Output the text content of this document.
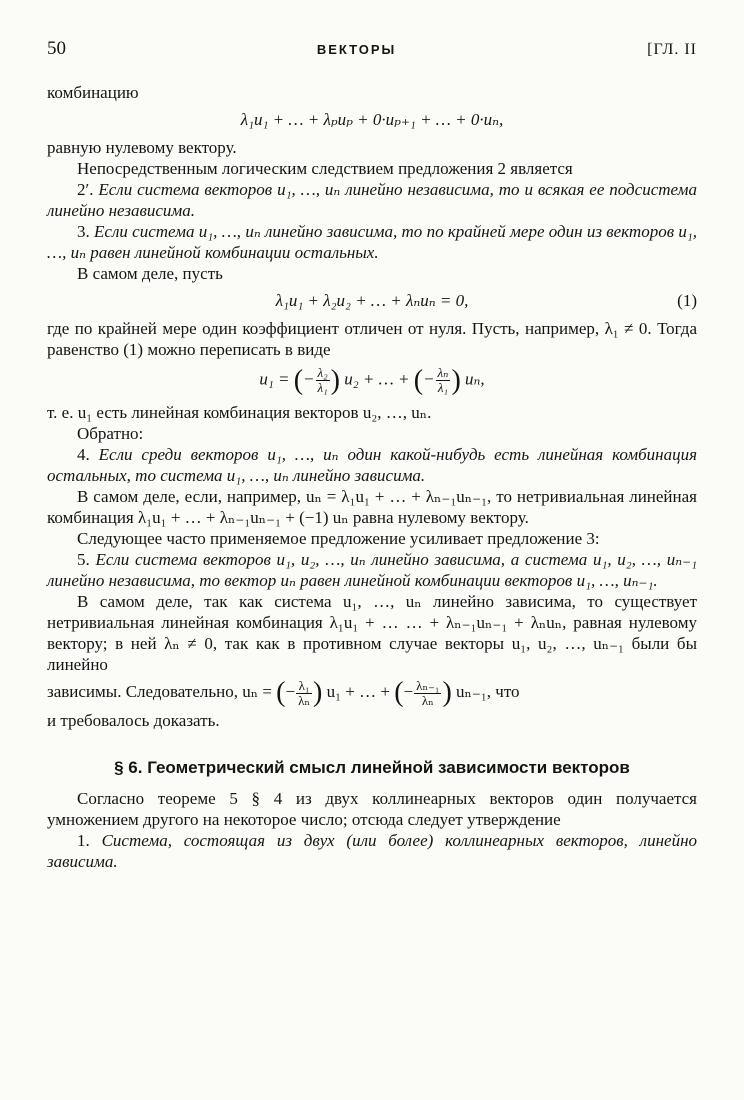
50	ВЕКТОРЫ	[ГЛ. II

комбинацию

λ₁u₁ + … + λₚuₚ + 0·uₚ₊₁ + … + 0·uₙ,

равную нулевому вектору.

Непосредственным логическим следствием предложения 2 является

2′. Если система векторов u₁, …, uₙ линейно независима, то и всякая ее подсистема линейно независима.

3. Если система u₁, …, uₙ линейно зависима, то по крайней мере один из векторов u₁, …, uₙ равен линейной комбинации остальных.

В самом деле, пусть

λ₁u₁ + λ₂u₂ + … + λₙuₙ = 0,	(1)

где по крайней мере один коэффициент отличен от нуля. Пусть, например, λ₁ ≠ 0. Тогда равенство (1) можно переписать в виде

u₁ = (− $\frac{\text{λ₂}}{\text{λ₁}}$ ) u₂ + … + (− $\frac{\text{λₙ}}{\text{λ₁}}$ ) uₙ,

т. е. u₁ есть линейная комбинация векторов u₂, …, uₙ.

Обратно:

4. Если среди векторов u₁, …, uₙ один какой-нибудь есть линейная комбинация остальных, то система u₁, …, uₙ линейно зависима.

В самом деле, если, например, uₙ = λ₁u₁ + … + λₙ₋₁uₙ₋₁, то нетривиальная линейная комбинация λ₁u₁ + … + λₙ₋₁uₙ₋₁ + (−1) uₙ равна нулевому вектору.

Следующее часто применяемое предложение усиливает предложение 3:

5. Если система векторов u₁, u₂, …, uₙ линейно зависима, а система u₁, u₂, …, uₙ₋₁ линейно независима, то вектор uₙ равен линейной комбинации векторов u₁, …, uₙ₋₁.

В самом деле, так как система u₁, …, uₙ линейно зависима, то существует нетривиальная линейная комбинация λ₁u₁ + … … + λₙ₋₁uₙ₋₁ + λₙuₙ, равная нулевому вектору; в ней λₙ ≠ 0, так как в противном случае векторы u₁, u₂, …, uₙ₋₁ были бы линейно

зависимы. Следовательно, uₙ = (− $\frac{\text{λ₁}}{\text{λₙ}}$ ) u₁ + … + (− $\frac{\text{λₙ₋₁}}{\text{λₙ}}$ ) uₙ₋₁, что

и требовалось доказать.

§ 6. Геометрический смысл линейной зависимости векторов

Согласно теореме 5 § 4 из двух коллинеарных векторов один получается умножением другого на некоторое число; отсюда следует утверждение

1. Система, состоящая из двух (или более) коллинеарных векторов, линейно зависима.
